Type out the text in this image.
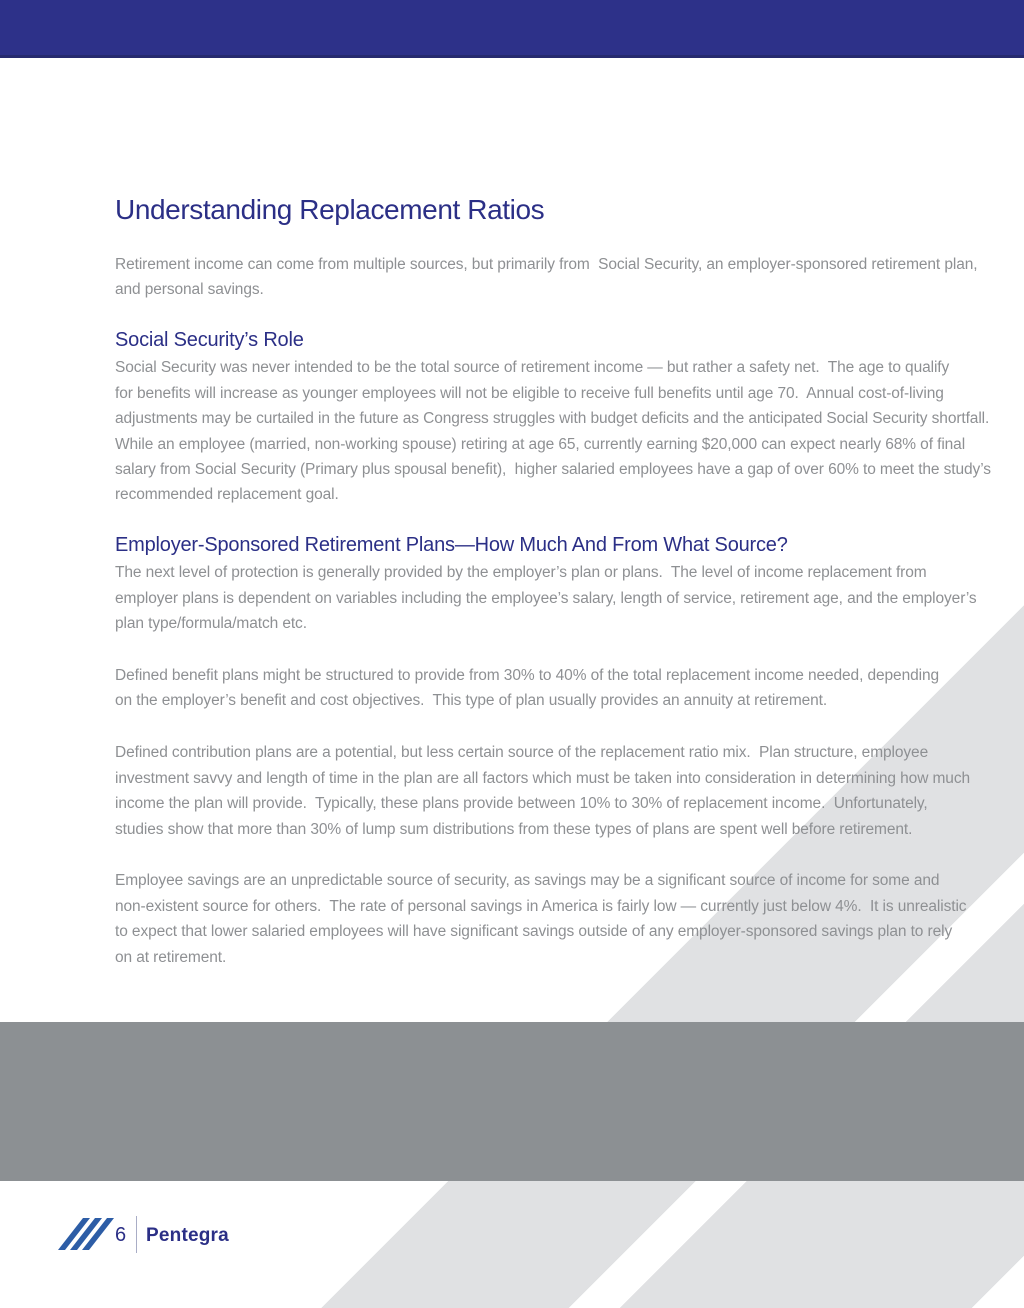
Understanding Replacement Ratios

Retirement income can come from multiple sources, but primarily from  Social Security, an employer-sponsored retirement plan,
and personal savings.

Social Security’s Role

Social Security was never intended to be the total source of retirement income — but rather a safety net.  The age to qualify
for benefits will increase as younger employees will not be eligible to receive full benefits until age 70.  Annual cost-of-living
adjustments may be curtailed in the future as Congress struggles with budget deficits and the anticipated Social Security shortfall.
While an employee (married, non-working spouse) retiring at age 65, currently earning $20,000 can expect nearly 68% of final
salary from Social Security (Primary plus spousal benefit),  higher salaried employees have a gap of over 60% to meet the study’s
recommended replacement goal.

Employer-Sponsored Retirement Plans—How Much And From What Source?

The next level of protection is generally provided by the employer’s plan or plans.  The level of income replacement from
employer plans is dependent on variables including the employee’s salary, length of service, retirement age, and the employer’s
plan type/formula/match etc.

Defined benefit plans might be structured to provide from 30% to 40% of the total replacement income needed, depending
on the employer’s benefit and cost objectives.  This type of plan usually provides an annuity at retirement.

Defined contribution plans are a potential, but less certain source of the replacement ratio mix.  Plan structure, employee
investment savvy and length of time in the plan are all factors which must be taken into consideration in determining how much
income the plan will provide.  Typically, these plans provide between 10% to 30% of replacement income.  Unfortunately,
studies show that more than 30% of lump sum distributions from these types of plans are spent well before retirement.

Employee savings are an unpredictable source of security, as savings may be a significant source of income for some and
non-existent source for others.  The rate of personal savings in America is fairly low — currently just below 4%.  It is unrealistic
to expect that lower salaried employees will have significant savings outside of any employer-sponsored savings plan to rely
on at retirement.

6 Pentegra
